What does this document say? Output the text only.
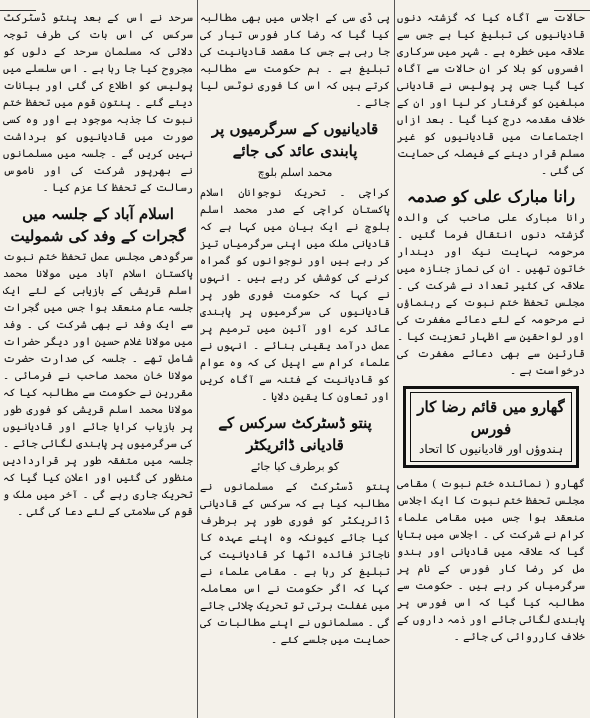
حالات سے آگاہ کیا کہ گزشتہ دنوں قادیانیوں کی تبلیغ کیا ہے جس سے علاقہ میں خطرہ ہے ۔ شہر میں سرکاری افسروں کو بلا کر ان حالات سے آگاہ کیا گیا جس پر پولیس نے قادیانی مبلغین کو گرفتار کر لیا اور ان کے خلاف مقدمہ درج کیا گیا ۔ بعد ازاں اجتماعات میں قادیانیوں کو غیر مسلم قرار دینے کے فیصلہ کی حمایت کی گئی ۔

رانا مبارک علی کو صدمہ

رانا مبارک علی صاحب کی والدہ گزشتہ دنوں انتقال فرما گئیں ۔ مرحومہ نہایت نیک اور دیندار خاتون تھیں ۔ ان کی نماز جنازہ میں علاقہ کی کثیر تعداد نے شرکت کی ۔ مجلس تحفظ ختم نبوت کے رہنماؤں نے مرحومہ کے لئے دعائے مغفرت کی اور لواحقین سے اظہار تعزیت کیا ۔ قارئین سے بھی دعائے مغفرت کی درخواست ہے ۔

گھارو میں قائم رضا کار فورس
ہندوؤں اور قادیانیوں کا اتحاد

گھارو ( نمائندہ ختم نبوت ) مقامی مجلس تحفظ ختم نبوت کا ایک اجلاس منعقد ہوا جس میں مقامی علماء کرام نے شرکت کی ۔ اجلاس میں بتایا گیا کہ علاقہ میں قادیانی اور ہندو مل کر رضا کار فورس کے نام پر سرگرمیاں کر رہے ہیں ۔ حکومت سے مطالبہ کیا گیا کہ اس فورس پر پابندی لگائی جائے اور ذمہ داروں کے خلاف کارروائی کی جائے ۔

پی ڈی سی کے اجلاس میں بھی مطالبہ کیا گیا کہ رضا کار فورس تیار کی جا رہی ہے جس کا مقصد قادیانیت کی تبلیغ ہے ۔ ہم حکومت سے مطالبہ کرتے ہیں کہ اس کا فوری نوٹس لیا جائے ۔

قادیانیوں کے سرگرمیوں پر پابندی عائد کی جائے
محمد اسلم بلوچ

کراچی ۔ تحریک نوجوانان اسلام پاکستان کراچی کے صدر محمد اسلم بلوچ نے ایک بیان میں کہا ہے کہ قادیانی ملک میں اپنی سرگرمیاں تیز کر رہے ہیں اور نوجوانوں کو گمراہ کرنے کی کوشش کر رہے ہیں ۔ انہوں نے کہا کہ حکومت فوری طور پر قادیانیوں کی سرگرمیوں پر پابندی عائد کرے اور آئین میں ترمیم پر عمل درآمد یقینی بنائے ۔ انہوں نے علماء کرام سے اپیل کی کہ وہ عوام کو قادیانیت کے فتنہ سے آگاہ کریں اور تعاون کا یقین دلایا ۔

پنتو ڈسٹرکٹ سرکس کے قادیانی ڈائریکٹر
کو برطرف کیا جائے

پنتو ڈسٹرکٹ کے مسلمانوں نے مطالبہ کیا ہے کہ سرکس کے قادیانی ڈائریکٹر کو فوری طور پر برطرف کیا جائے کیونکہ وہ اپنے عہدہ کا ناجائز فائدہ اٹھا کر قادیانیت کی تبلیغ کر رہا ہے ۔ مقامی علماء نے کہا کہ اگر حکومت نے اس معاملہ میں غفلت برتی تو تحریک چلائی جائے گی ۔ مسلمانوں نے اپنے مطالبات کی حمایت میں جلسے کئے ۔

سرحد نے اس کے بعد پنتو ڈسٹرکٹ سرکس کی اس بات کی طرف توجہ دلائی کہ مسلمان سرحد کے دلوں کو مجروح کیا جا رہا ہے ۔ اس سلسلے میں پولیس کو اطلاع کی گئی اور بیانات دیئے گئے ۔ پنتون قوم میں تحفظ ختم نبوت کا جذبہ موجود ہے اور وہ کسی صورت میں قادیانیوں کو برداشت نہیں کریں گے ۔ جلسہ میں مسلمانوں نے بھرپور شرکت کی اور ناموس رسالت کے تحفظ کا عزم کیا ۔

اسلام آباد کے جلسہ میں گجرات کے وفد کی شمولیت

سرگودھی مجلس عمل تحفظ ختم نبوت پاکستان اسلام آباد میں مولانا محمد اسلم قریشی کے بازیابی کے لئے ایک جلسہ عام منعقد ہوا جس میں گجرات سے ایک وفد نے بھی شرکت کی ۔ وفد میں مولانا غلام حسین اور دیگر حضرات شامل تھے ۔ جلسہ کی صدارت حضرت مولانا خان محمد صاحب نے فرمائی ۔ مقررین نے حکومت سے مطالبہ کیا کہ مولانا محمد اسلم قریشی کو فوری طور پر بازیاب کرایا جائے اور قادیانیوں کی سرگرمیوں پر پابندی لگائی جائے ۔ جلسہ میں متفقہ طور پر قراردادیں منظور کی گئیں اور اعلان کیا گیا کہ تحریک جاری رہے گی ۔ آخر میں ملک و قوم کی سلامتی کے لئے دعا کی گئی ۔
